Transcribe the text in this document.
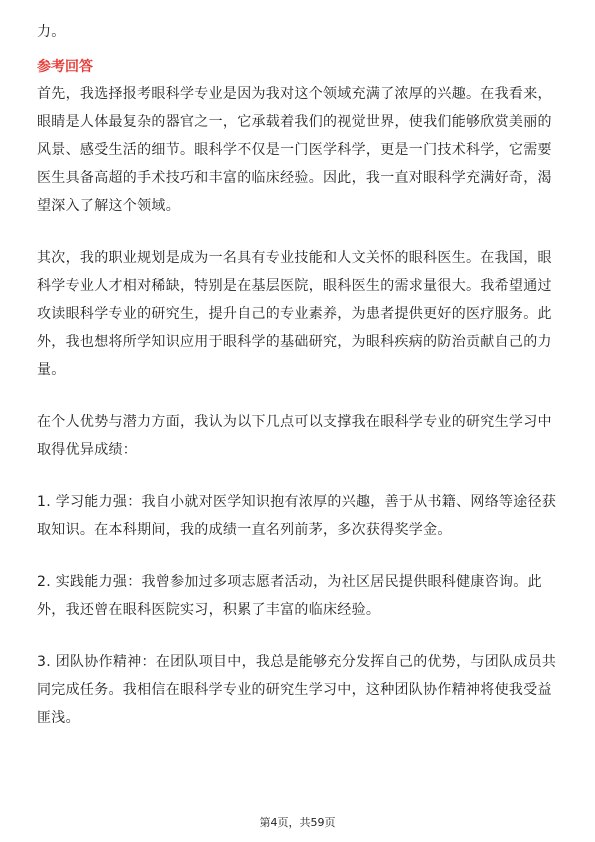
力。
参考回答
首先，我选择报考眼科学专业是因为我对这个领域充满了浓厚的兴趣。在我看来，
眼睛是人体最复杂的器官之一，它承载着我们的视觉世界，使我们能够欣赏美丽的
风景、感受生活的细节。眼科学不仅是一门医学科学，更是一门技术科学，它需要
医生具备高超的手术技巧和丰富的临床经验。因此，我一直对眼科学充满好奇，渴
望深入了解这个领域。
其次，我的职业规划是成为一名具有专业技能和人文关怀的眼科医生。在我国，眼
科学专业人才相对稀缺，特别是在基层医院，眼科医生的需求量很大。我希望通过
攻读眼科学专业的研究生，提升自己的专业素养，为患者提供更好的医疗服务。此
外，我也想将所学知识应用于眼科学的基础研究，为眼科疾病的防治贡献自己的力
量。
在个人优势与潜力方面，我认为以下几点可以支撑我在眼科学专业的研究生学习中
取得优异成绩：
1. 学习能力强：我自小就对医学知识抱有浓厚的兴趣，善于从书籍、网络等途径获
取知识。在本科期间，我的成绩一直名列前茅，多次获得奖学金。
2. 实践能力强：我曾参加过多项志愿者活动，为社区居民提供眼科健康咨询。此
外，我还曾在眼科医院实习，积累了丰富的临床经验。
3. 团队协作精神：在团队项目中，我总是能够充分发挥自己的优势，与团队成员共
同完成任务。我相信在眼科学专业的研究生学习中，这种团队协作精神将使我受益
匪浅。
第4页，共59页
